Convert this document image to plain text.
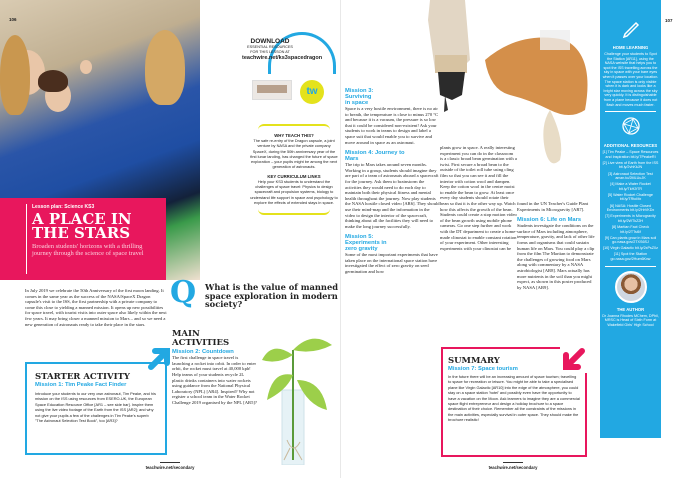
106
Lesson plan: Science KS3
A PLACE IN THE STARS
Broaden students' horizons with a thrilling journey through the science of space travel

In July 2019 we celebrate the 50th Anniversary of the first moon landing. It comes in the same year as the success of the NASA/SpaceX Dragon capsule's visit to the ISS, the first partnership with a private company to come this close to yielding a manned mission. It opens up new possibilities for space travel, with tourist visits into outer space also likely within the next few years. It may bring closer a manned mission to Mars – and so we need a new generation of astronauts ready to take their place in the stars.

STARTER ACTIVITY
Mission 1: Tim Peake Fact Finder

Introduce your students to our very own astronaut, Tim Peake, and his mission on the ISS using resources from ESERO-UK, the European Space Education Resource Office [AR1 – see side bar]. Inspire them using the live video footage of the Earth from the ISS [AR2]; and why not give your pupils a few of the challenges in Tim Peake's superb "The Astronaut Selection Test Book", too [AR3]?

DOWNLOAD
ESSENTIAL RESOURCES FOR THIS LESSON AT
teachwire.net/ks3spacedragon
tw
WHY TEACH THIS?

The safe re-entry of the Dragon capsule, a joint venture by NASA and the private company SpaceX, during the 50th anniversary year of the first lunar landing, has changed the future of space exploration – your pupils might be among the next generation of astronauts.

KEY CURRICULUM LINKS

Help your KS3 students to understand the challenges of space travel: Physics to design spacecraft and propulsion systems, biology to understand life support in space and psychology to explore the effects of extended stays in space.

Q What is the value of manned space exploration in modern society?
MAIN ACTIVITIES
Mission 2: Countdown

The first challenge in space travel is launching a rocket into orbit. In order to enter orbit, the rocket must travel at 40,000 kph! Help teams of your students recycle 2L plastic drinks containers into water rockets using guidance from the National Physical Laboratory (NPL) [AR4]. Inspired? Why not register a school team in the Water Rocket Challenge 2019 organised by the NPL [AR5]?

teachwire.net/secondary
107
Mission 3: Surviving in space

Space is a very hostile environment, there is no air to breath, the temperature is close to minus 270 °C and because it is a vacuum, the pressure is so low that it could be considered non-existent! Ask your students to work in teams to design and label a space suit that would enable you to survive and move around in space as an astronaut.

Mission 4: Journey to Mars

The trip to Mars takes around seven months. Working in a group, students should imagine they are part of a team of astronauts aboard a spacecraft for the journey. Ask them to brainstorm the activities they would need to do each day to maintain both their physical fitness and mental health throughout the journey. Now play students the NASA hostile closed video [AR6]. They should use their mind-map and the information in the video to design the interior of the spacecraft, thinking about all the facilities they will need to make the long journey successfully.

Mission 5: Experiments in zero gravity

Some of the most important experiments that have taken place on the international space station have investigated the effect of zero gravity on seed germination and how

plants grow in space. A really interesting experiment you can do in the classroom is a classic broad bean germination with a twist. First secure a broad bean to the outside of the toilet roll tube using cling film so that you can see it and fill the interior with cotton wool and dampen. Keep the cotton wool in the centre moist to enable the bean to grow. At least once every day students should rotate their bean so that it is the other way up. Watch how this affects the growth of the bean. Students could create a stop motion video of the bean growth using mobile phone cameras. Go one step further and work with the DT department to create a home-made clinostat to enable constant rotation of your experiment. Other interesting experiments with your clinostat can be

found in the UN Teacher's Guide Plant Experiments in Microgravity [AR7].

Mission 6: Life on Mars

Students investigate the conditions on the surface of Mars including atmosphere, temperature, gravity, and lack of other life forms and organisms that could sustain human life on Mars. You could play a clip from the film The Martian to demonstrate the challenges of growing food on Mars along with commentary by a NASA astrobiologist [AR8]. Mars actually has more nutrients in the soil than you might expect, as shown in this poster produced by NASA [AR9].

SUMMARY
Mission 7: Space tourism

In the future there will be an increasing amount of space tourism; travelling to space for recreation or leisure. You might be able to take a specialised plane like Virgin Galactic [AR10] into the edge of the atmosphere, you could stay on a space station 'hotel' and possibly even have the opportunity to have a vacation on the Moon. Ask learners to imagine they are a commercial space flight entrepreneur and design a holiday brochure to a space destination of their choice. Remember all the constraints of the missions in the main activities, especially survival in outer space. They should make the brochure realistic!

teachwire.net/secondary
HOME LEARNING

Challenge your students to Spot the Station [AR11], using the NASA website that helps you to spot the ISS travelling across the sky in space with your bare eyes when it passes over your location. The space station is only visible when it is dark and looks like a bright star moving across the sky very quickly. It is distinguishable from a plane because it does not flash and moves much faster.

ADDITIONAL RESOURCES

[1] Tim Peake – Space Resources and Inspiration bit.ly/TPeakeRI

[2] Live view of Earth from the ISS bit.ly/2vhKkJN

[3] Astronaut Selection Test amzn.to/2MLUuJK

[4] Make a Water Rocket bit.ly/TkH2f7R

[5] Water Rocket Challenge bit.ly/TRtoMx

[6] NASA: Hostile Closed Environments bit.ly/2HrVKDx

[7] Experiments in Microgravity bit.ly/2WTkZ2H

[8] Martian Fact Check bit.ly/2TTsl6f

[9] Can plants grow in Mars soil go.nasa.gov/2TXS6SJ

[10] Virgin Galactic bit.ly/2xPsZ0z

[11] Spot the Station go.nasa.gov/2Hum6Kxw

THE AUTHOR

Dr Joanna Rhodes MChem, DPhil, MRSC is Head of Sixth Form at Wakefield Girls' High School
